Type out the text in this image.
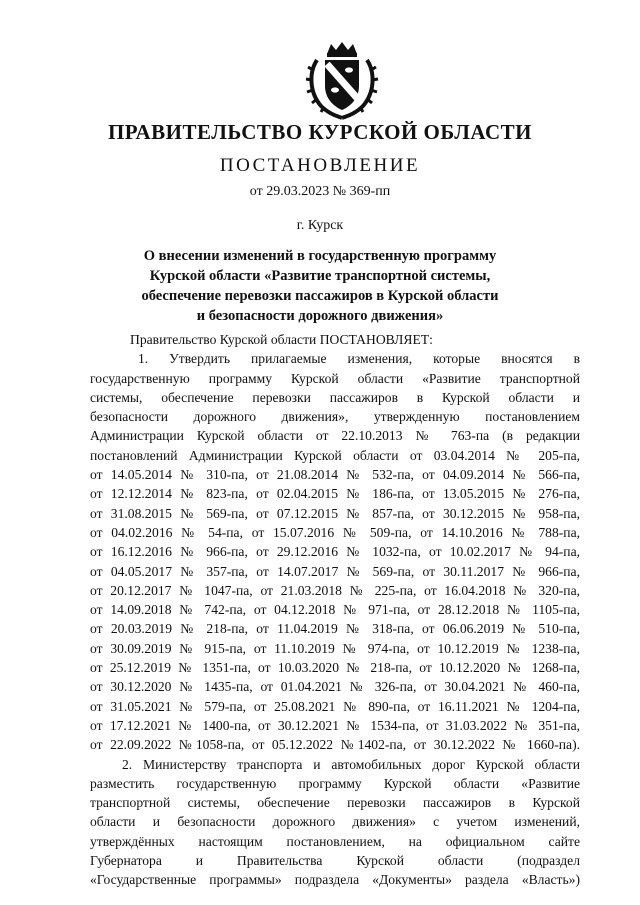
ПРАВИТЕЛЬСТВО КУРСКОЙ ОБЛАСТИ
ПОСТАНОВЛЕНИЕ
от 29.03.2023 № 369-пп
г. Курск
О внесении изменений в государственную программу
Курской области «Развитие транспортной системы,
обеспечение перевозки пассажиров в Курской области
и безопасности дорожного движения»
Правительство Курской области ПОСТАНОВЛЯЕТ:
1. Утвердить прилагаемые изменения, которые вносятся в
государственную программу Курской области «Развитие транспортной
системы, обеспечение перевозки пассажиров в Курской области и
безопасности дорожного движения», утвержденную постановлением
Администрации Курской области от 22.10.2013 № 763-па (в редакции
постановлений Администрации Курской области от 03.04.2014 № 205-па,
от 14.05.2014 № 310-па, от 21.08.2014 № 532-па, от 04.09.2014 № 566-па,
от 12.12.2014 № 823-па, от 02.04.2015 № 186-па, от 13.05.2015 № 276-па,
от 31.08.2015 № 569-па, от 07.12.2015 № 857-па, от 30.12.2015 № 958-па,
от 04.02.2016 № 54-па, от 15.07.2016 № 509-па, от 14.10.2016 № 788-па,
от 16.12.2016 № 966-па, от 29.12.2016 № 1032-па, от 10.02.2017 № 94-па,
от 04.05.2017 № 357-па, от 14.07.2017 № 569-па, от 30.11.2017 № 966-па,
от 20.12.2017 № 1047-па, от 21.03.2018 № 225-па, от 16.04.2018 № 320-па,
от 14.09.2018 № 742-па, от 04.12.2018 № 971-па, от 28.12.2018 № 1105-па,
от 20.03.2019 № 218-па, от 11.04.2019 № 318-па, от 06.06.2019 № 510-па,
от 30.09.2019 № 915-па, от 11.10.2019 № 974-па, от 10.12.2019 № 1238-па,
от 25.12.2019 № 1351-па, от 10.03.2020 № 218-па, от 10.12.2020 № 1268-па,
от 30.12.2020 № 1435-па, от 01.04.2021 № 326-па, от 30.04.2021 № 460-па,
от 31.05.2021 № 579-па, от 25.08.2021 № 890-па, от 16.11.2021 № 1204-па,
от 17.12.2021 № 1400-па, от 30.12.2021 № 1534-па, от 31.03.2022 № 351-па,
от 22.09.2022 №1058-па, от 05.12.2022 №1402-па, от 30.12.2022 № 1660-па).
2. Министерству транспорта и автомобильных дорог Курской области
разместить государственную программу Курской области «Развитие
транспортной системы, обеспечение перевозки пассажиров в Курской
области и безопасности дорожного движения» с учетом изменений,
утверждённых настоящим постановлением, на официальном сайте
Губернатора и Правительства Курской области (подраздел
«Государственные программы» подраздела «Документы» раздела «Власть»)
